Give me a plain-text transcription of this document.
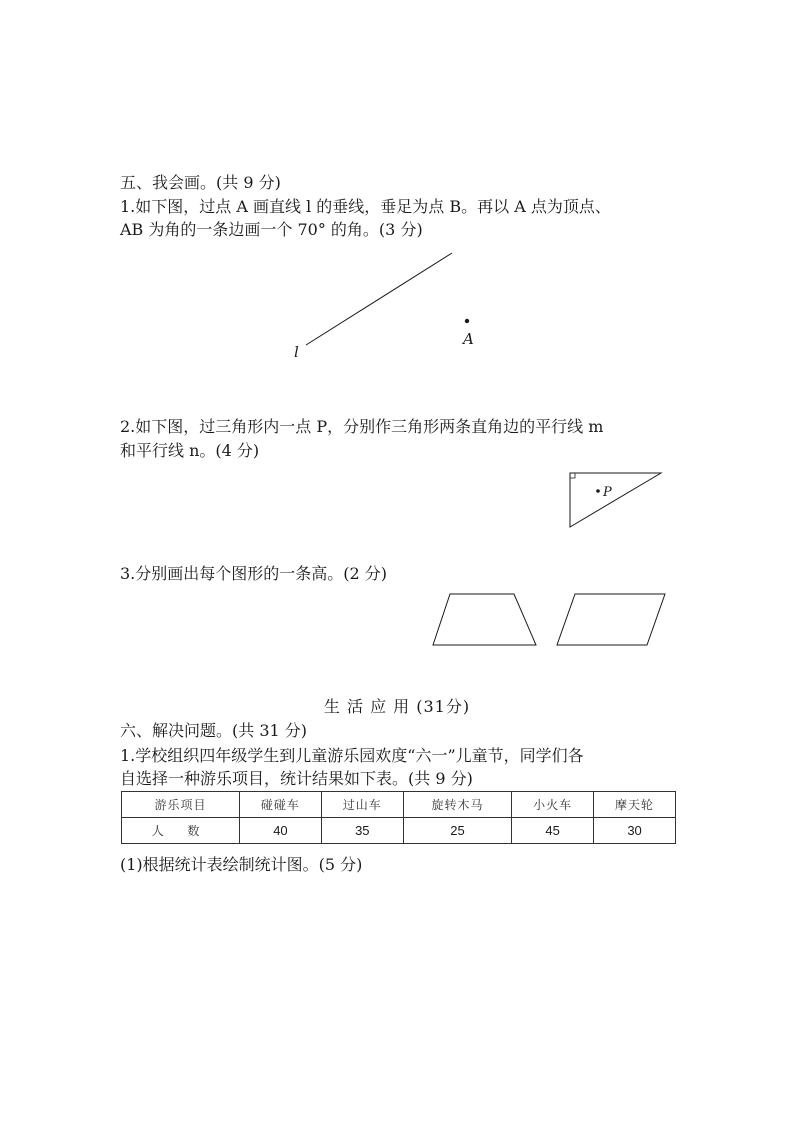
五、我会画。(共 9 分)
1.如下图，过点 A 画直线 l 的垂线，垂足为点 B。再以 A 点为顶点、
AB 为角的一条边画一个 70° 的角。(3 分)
l
A
2.如下图，过三角形内一点 P，分别作三角形两条直角边的平行线 m
和平行线 n。(4 分)
P
3.分别画出每个图形的一条高。(2 分)
生 活 应 用 (31分)
六、解决问题。(共 31 分)
1.学校组织四年级学生到儿童游乐园欢度“六一”儿童节，同学们各
自选择一种游乐项目，统计结果如下表。(共 9 分)
游乐项目	碰碰车	过山车	旋转木马	小火车	摩天轮
人 数	40	35	25	45	30
(1)根据统计表绘制统计图。(5 分)
